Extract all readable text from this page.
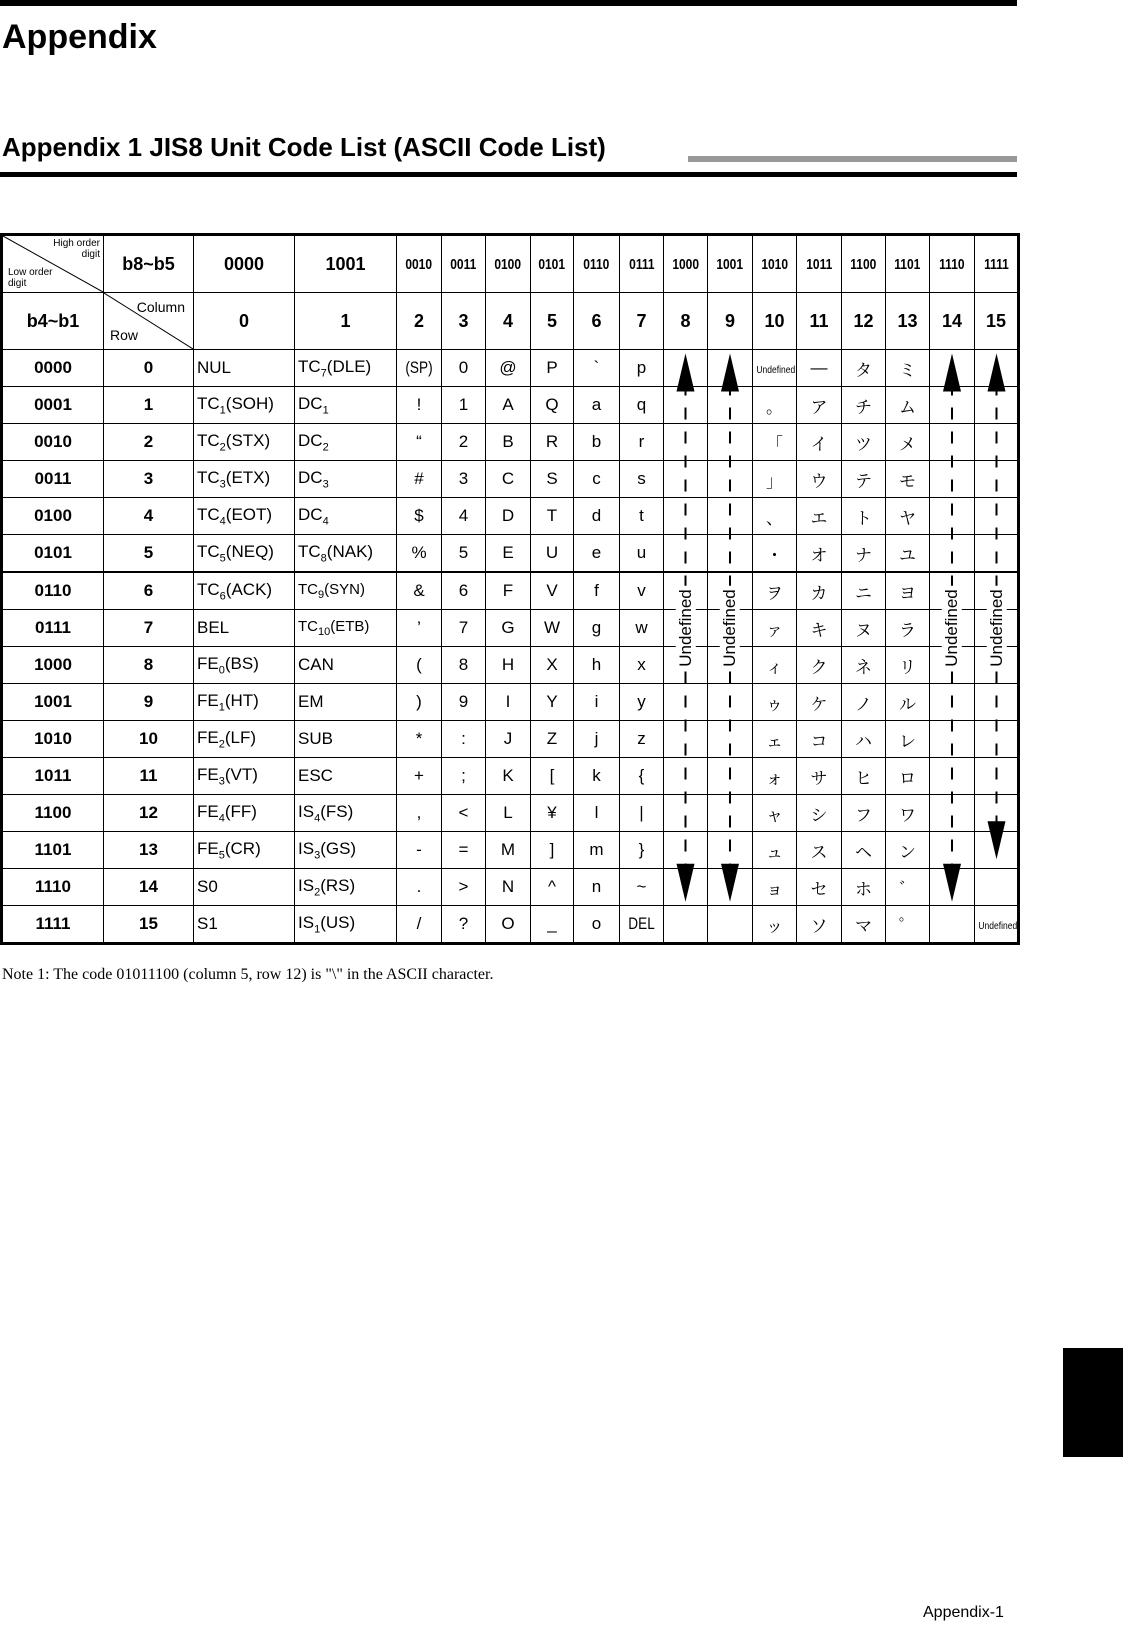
Appendix
Appendix 1 JIS8 Unit Code List (ASCII Code List)
High order digit
Low order digit	b8~b5	0000	1001	0010	0011	0100	0101	0110	0111	1000	1001	1010	1011	1100	1101	1110	1111
b4~b1	Column
Row	0	1	2	3	4	5	6	7	8	9	10	11	12	13	14	15
0000	0	NUL	$TC_7(DLE)$	(SP)	0	@	P	`	p			Undefined	—	タ	ミ		
0001	1	$TC_1(SOH)$	$DC_1$	!	1	A	Q	a	q			。	ア	チ	ム		
0010	2	$TC_2(STX)$	$DC_2$	“	2	B	R	b	r			「	イ	ツ	メ		
0011	3	$TC_3(ETX)$	$DC_3$	#	3	C	S	c	s			」	ウ	テ	モ		
0100	4	$TC_4(EOT)$	$DC_4$	$	4	D	T	d	t			、	エ	ト	ヤ		
0101	5	$TC_5(NEQ)$	$TC_8(NAK)$	%	5	E	U	e	u			・	オ	ナ	ユ		
0110	6	$TC_6(ACK)$	$TC_9(SYN)$	&	6	F	V	f	v			ヲ	カ	ニ	ヨ		
0111	7	BEL	$TC_{10}(ETB)$	’	7	G	W	g	w			ァ	キ	ヌ	ラ		
1000	8	$FE_0(BS)$	CAN	(	8	H	X	h	x			ィ	ク	ネ	リ		
1001	9	$FE_1(HT)$	EM	)	9	I	Y	i	y			ゥ	ケ	ノ	ル		
1010	10	$FE_2(LF)$	SUB	*	:	J	Z	j	z			ェ	コ	ハ	レ		
1011	11	$FE_3(VT)$	ESC	+	;	K	[	k	{			ォ	サ	ヒ	ロ		
1100	12	$FE_4(FF)$	$IS_4(FS)$	,	<	L	¥	l	|			ャ	シ	フ	ワ		
1101	13	$FE_5(CR)$	$IS_3(GS)$	-	=	M	]	m	}			ュ	ス	ヘ	ン		
1110	14	S0	$IS_2(RS)$	.	>	N	^	n	~			ョ	セ	ホ	゛		
1111	15	S1	$IS_1(US)$	/	?	O	_	o	DEL			ッ	ソ	マ	゜		Undefined
Undefined Undefined	Undefined Undefined
Note 1: The code 01011100 (column 5, row 12) is "\" in the ASCII character.
Appendix-1
